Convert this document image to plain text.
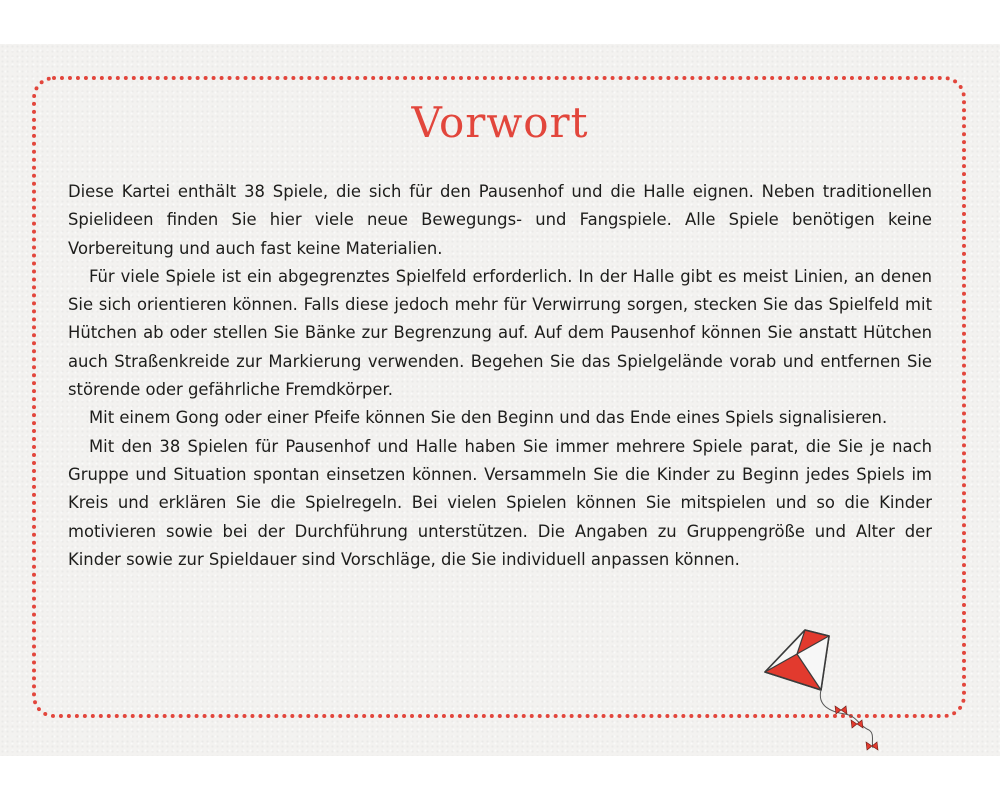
Vorwort

Diese Kartei enthält 38 Spiele, die sich für den Pausenhof und die Halle eignen. Neben traditionellen Spielideen finden Sie hier viele neue Bewegungs- und Fangspiele. Alle Spiele benötigen keine Vorbereitung und auch fast keine Materialien.

Für viele Spiele ist ein abgegrenztes Spielfeld erforderlich. In der Halle gibt es meist Linien, an denen Sie sich orientieren können. Falls diese jedoch mehr für Verwirrung sorgen, stecken Sie das Spielfeld mit Hütchen ab oder stellen Sie Bänke zur Begrenzung auf. Auf dem Pausenhof können Sie anstatt Hütchen auch Straßenkreide zur Markierung verwenden. Begehen Sie das Spielgelände vorab und entfernen Sie störende oder gefährliche Fremdkörper.

Mit einem Gong oder einer Pfeife können Sie den Beginn und das Ende eines Spiels signalisieren.

Mit den 38 Spielen für Pausenhof und Halle haben Sie immer mehrere Spiele parat, die Sie je nach Gruppe und Situation spontan einsetzen können. Versammeln Sie die Kinder zu Beginn jedes Spiels im Kreis und erklären Sie die Spielregeln. Bei vielen Spielen können Sie mitspielen und so die Kinder motivieren sowie bei der Durchführung unterstützen. Die Angaben zu Gruppengröße und Alter der Kinder sowie zur Spieldauer sind Vorschläge, die Sie individuell anpassen können.
